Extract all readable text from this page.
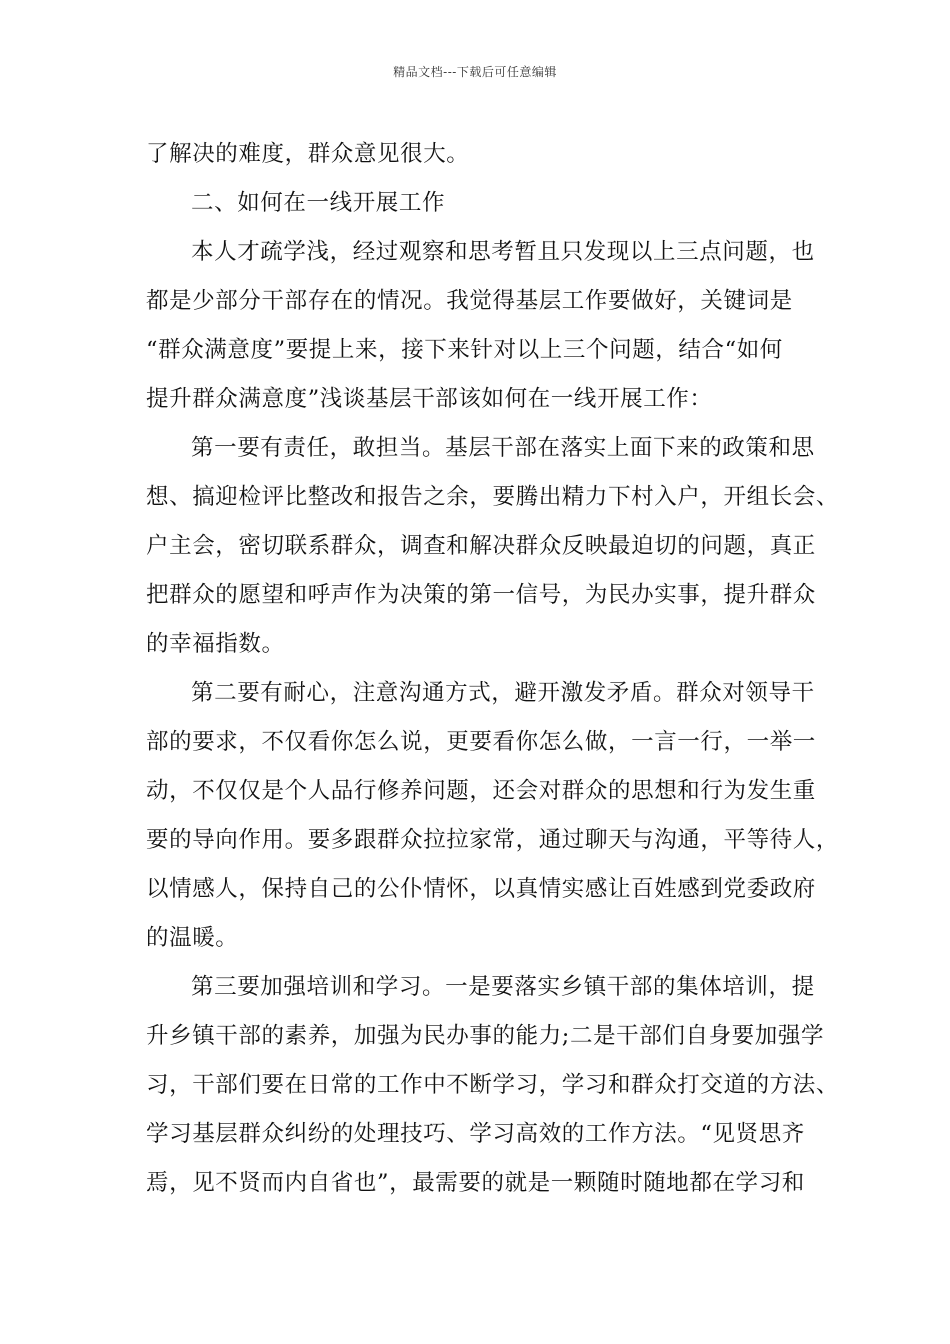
精品文档---下载后可任意编辑
了解决的难度，群众意见很大。
二、如何在一线开展工作
本人才疏学浅，经过观察和思考暂且只发现以上三点问题，也
都是少部分干部存在的情况。我觉得基层工作要做好，关键词是
“群众满意度”要提上来，接下来针对以上三个问题，结合“如何
提升群众满意度”浅谈基层干部该如何在一线开展工作：
第一要有责任，敢担当。基层干部在落实上面下来的政策和思
想、搞迎检评比整改和报告之余，要腾出精力下村入户，开组长会、
户主会，密切联系群众，调查和解决群众反映最迫切的问题，真正
把群众的愿望和呼声作为决策的第一信号，为民办实事，提升群众
的幸福指数。
第二要有耐心，注意沟通方式，避开激发矛盾。群众对领导干
部的要求，不仅看你怎么说，更要看你怎么做，一言一行，一举一
动，不仅仅是个人品行修养问题，还会对群众的思想和行为发生重
要的导向作用。要多跟群众拉拉家常，通过聊天与沟通，平等待人，
以情感人，保持自己的公仆情怀，以真情实感让百姓感到党委政府
的温暖。
第三要加强培训和学习。一是要落实乡镇干部的集体培训，提
升乡镇干部的素养，加强为民办事的能力;二是干部们自身要加强学
习，干部们要在日常的工作中不断学习，学习和群众打交道的方法、
学习基层群众纠纷的处理技巧、学习高效的工作方法。“见贤思齐
焉，见不贤而内自省也”，最需要的就是一颗随时随地都在学习和
